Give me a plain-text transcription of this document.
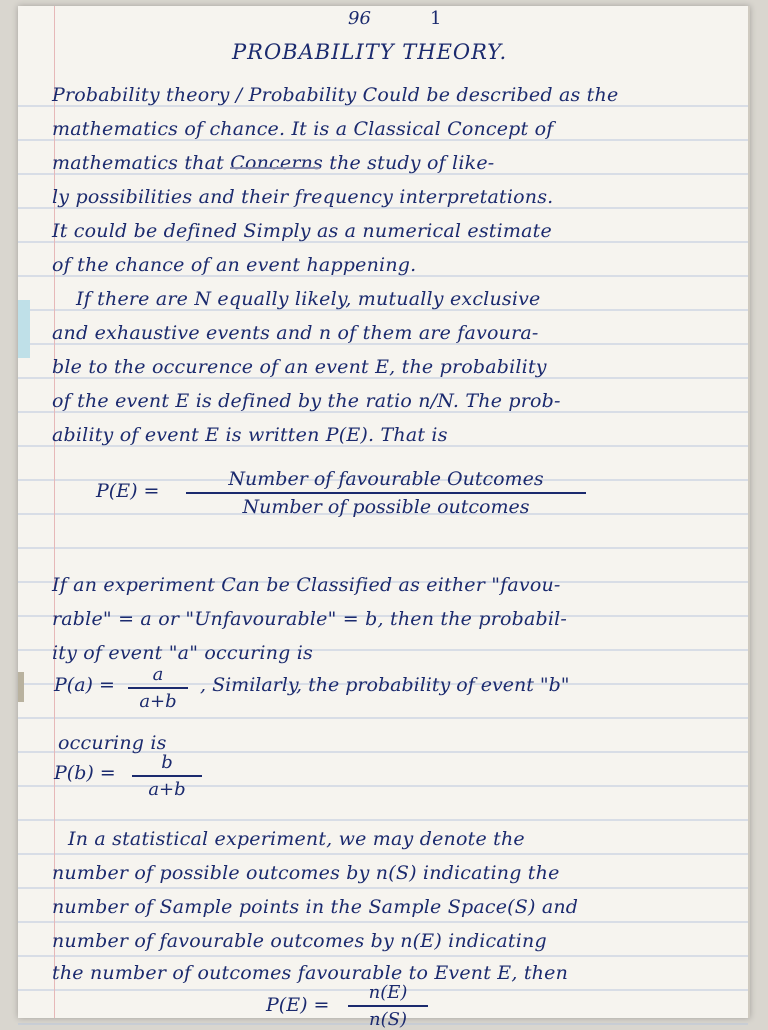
96	1
PROBABILITY THEORY.
Probability theory / Probability Could be described as the
mathematics of chance. It is a Classical Concept of
mathematics that Concerns the study of like-
ly possibilities and their frequency interpretations.
It could be defined Simply as a numerical estimate
of the chance of an event happening.
If there are N equally likely, mutually exclusive
and exhaustive events and n of them are favoura-
ble to the occurence of an event E, the probability
of the event E is defined by the ratio n/N. The prob-
ability of event E is written P(E). That is
P(E) =
Number of favourable Outcomes
Number of possible outcomes
If an experiment Can be Classified as either "favou-
rable" = a or "Unfavourable" = b, then the probabil-
ity of event "a" occuring is
P(a) =	a
a+b
, Similarly, the probability of event "b"
occuring is
P(b) =	b
a+b
In a statistical experiment, we may denote the
number of possible outcomes by n(S) indicating the
number of Sample points in the Sample Space(S) and
number of favourable outcomes by n(E) indicating
the number of outcomes favourable to Event E, then
P(E) =
n(E)
n(S)
